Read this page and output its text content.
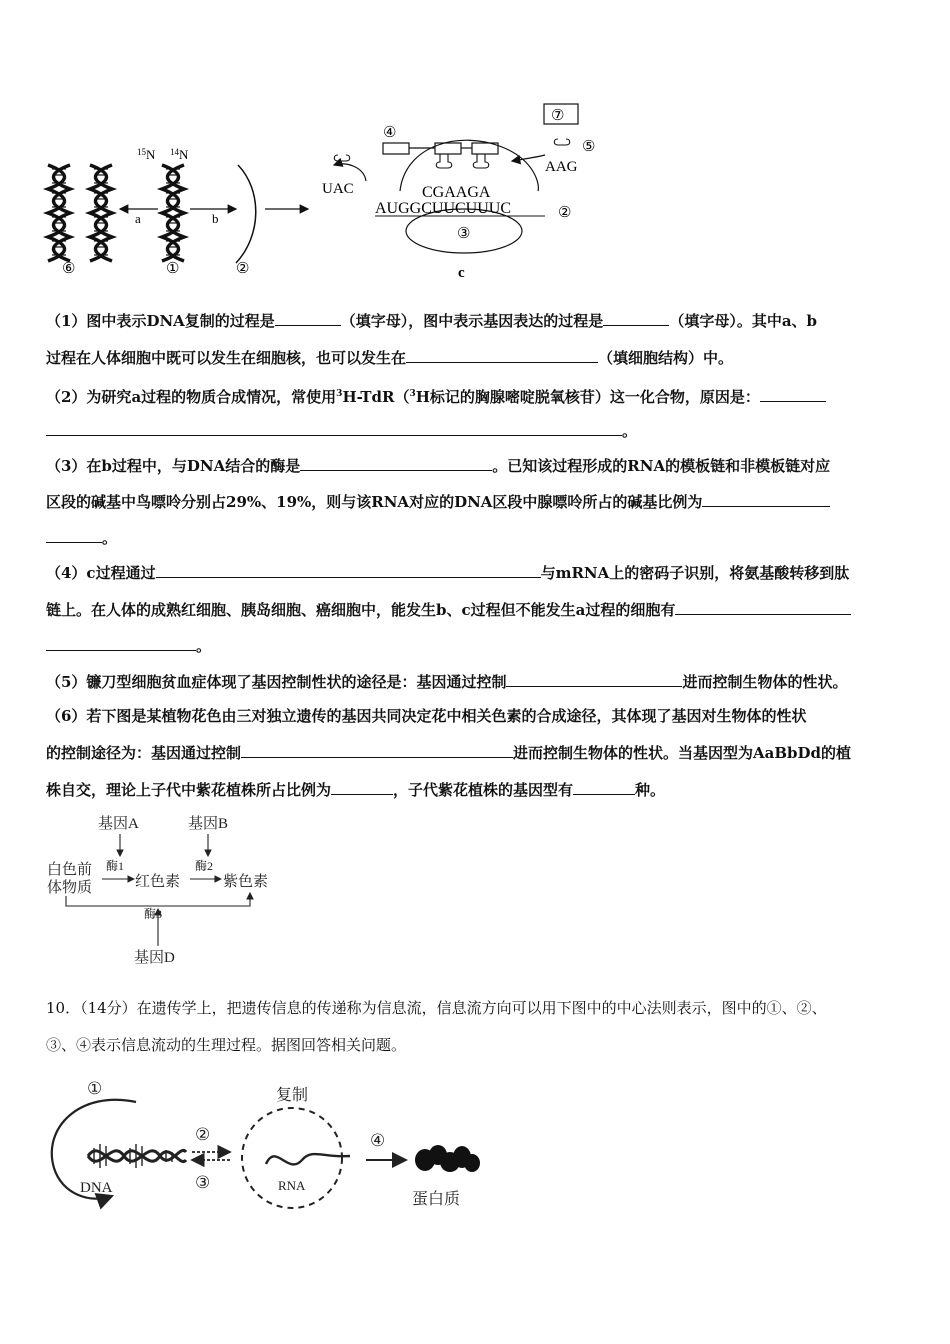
$^{15}$N $^{14}$N
a	b
⑥	①	②
③
④
⑦
⑤
UAC
AAG
CGAAGA
AUGGCUUCUUUC	②
c
（1）图中表示DNA复制的过程是	（填字母），图中表示基因表达的过程是	（填字母）。其中a、b
过程在人体细胞中既可以发生在细胞核，也可以发生在	（填细胞结构）中。
（2）为研究a过程的物质合成情况，常使用$^3$H-TdR（$^3$H标记的胸腺嘧啶脱氧核苷）这一化合物，原因是：
。
（3）在b过程中，与DNA结合的酶是	。已知该过程形成的RNA的模板链和非模板链对应
区段的碱基中鸟嘌呤分别占29%、19%，则与该RNA对应的DNA区段中腺嘌呤所占的碱基比例为
。
（4）c过程通过	与mRNA上的密码子识别，将氨基酸转移到肽
链上。在人体的成熟红细胞、胰岛细胞、癌细胞中，能发生b、c过程但不能发生a过程的细胞有
。
（5）镰刀型细胞贫血症体现了基因控制性状的途径是：基因通过控制	进而控制生物体的性状。
（6）若下图是某植物花色由三对独立遗传的基因共同决定花中相关色素的合成途径，其体现了基因对生物体的性状
的控制途径为：基因通过控制	进而控制生物体的性状。当基因型为AaBbDd的植
株自交，理论上子代中紫花植株所占比例为	，子代紫花植株的基因型有	种。
基因A	基因B
白色前
体物质	红色素	紫色素
基因D
酶1	酶2
酶3
10．（14分）在遗传学上，把遗传信息的传递称为信息流，信息流方向可以用下图中的中心法则表示，图中的①、②、
③、④表示信息流动的生理过程。据图回答相关问题。
①
DNA
②
③
复制
RNA
④
蛋白质
